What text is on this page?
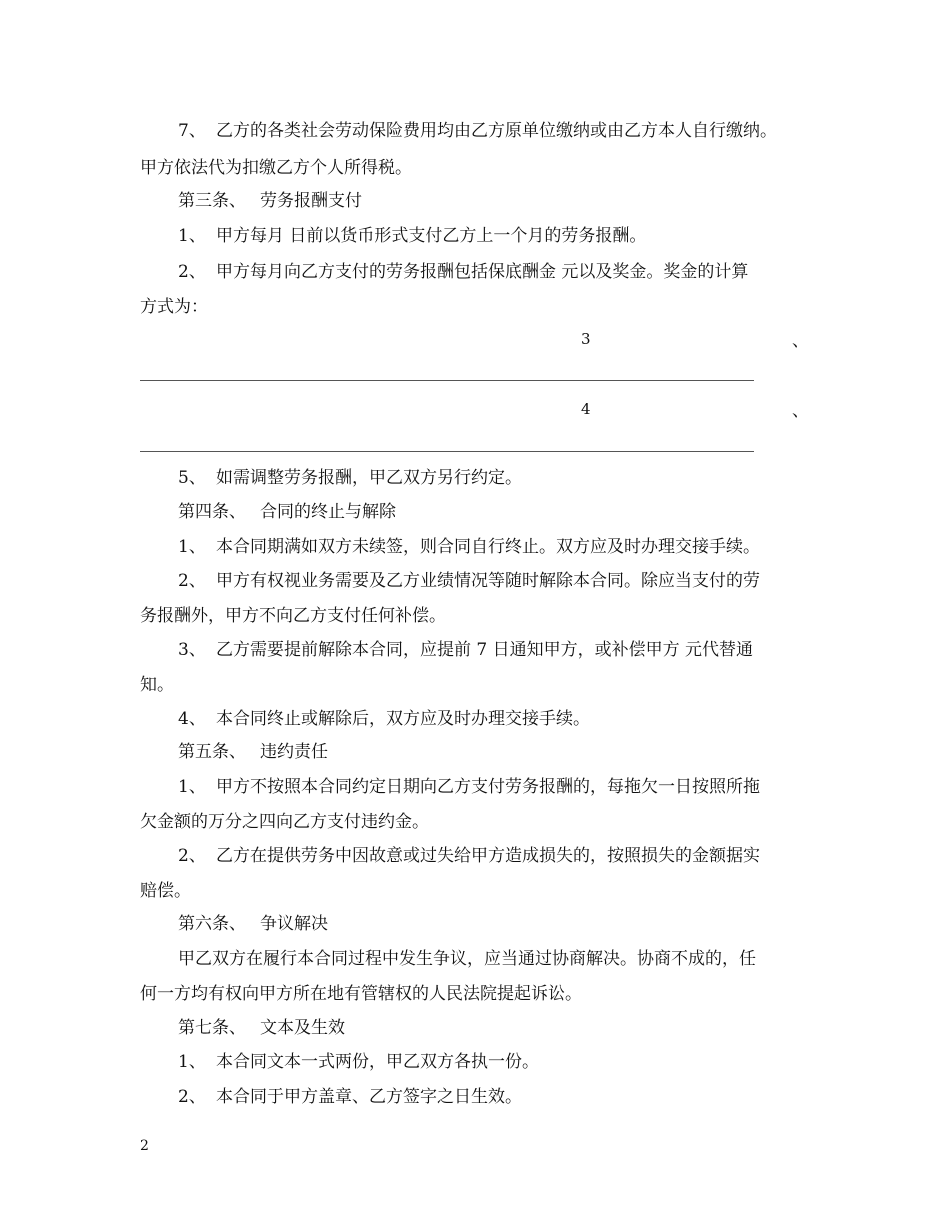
7、 乙方的各类社会劳动保险费用均由乙方原单位缴纳或由乙方本人自行缴纳。
甲方依法代为扣缴乙方个人所得税。
第三条、 劳务报酬支付
1、 甲方每月 日前以货币形式支付乙方上一个月的劳务报酬。
2、 甲方每月向乙方支付的劳务报酬包括保底酬金 元以及奖金。奖金的计算
方式为：
3	、
4	、
5、 如需调整劳务报酬，甲乙双方另行约定。
第四条、 合同的终止与解除
1、 本合同期满如双方未续签，则合同自行终止。双方应及时办理交接手续。
2、 甲方有权视业务需要及乙方业绩情况等随时解除本合同。除应当支付的劳
务报酬外，甲方不向乙方支付任何补偿。
3、 乙方需要提前解除本合同，应提前 7 日通知甲方，或补偿甲方 元代替通
知。
4、 本合同终止或解除后，双方应及时办理交接手续。
第五条、 违约责任
1、 甲方不按照本合同约定日期向乙方支付劳务报酬的，每拖欠一日按照所拖
欠金额的万分之四向乙方支付违约金。
2、 乙方在提供劳务中因故意或过失给甲方造成损失的，按照损失的金额据实
赔偿。
第六条、 争议解决
甲乙双方在履行本合同过程中发生争议，应当通过协商解决。协商不成的，任
何一方均有权向甲方所在地有管辖权的人民法院提起诉讼。
第七条、 文本及生效
1、 本合同文本一式两份，甲乙双方各执一份。
2、 本合同于甲方盖章、乙方签字之日生效。
2
